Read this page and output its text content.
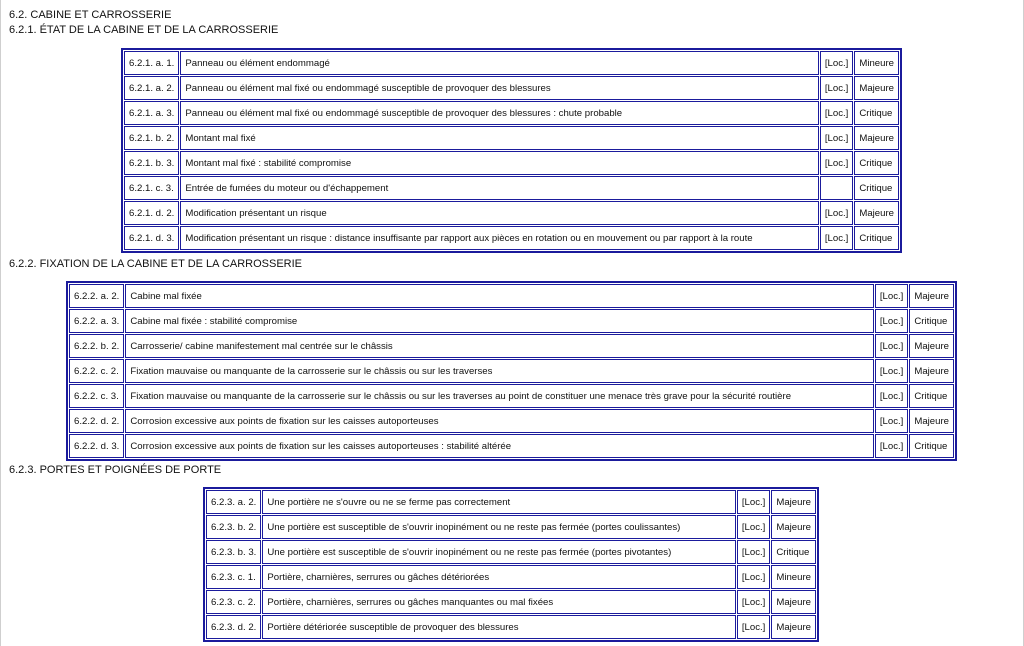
6.2. CABINE ET CARROSSERIE
6.2.1. ÉTAT DE LA CABINE ET DE LA CARROSSERIE
6.2.1. a. 1.	Panneau ou élément endommagé	[Loc.]	Mineure
6.2.1. a. 2.	Panneau ou élément mal fixé ou endommagé susceptible de provoquer des blessures	[Loc.]	Majeure
6.2.1. a. 3.	Panneau ou élément mal fixé ou endommagé susceptible de provoquer des blessures : chute probable	[Loc.]	Critique
6.2.1. b. 2.	Montant mal fixé	[Loc.]	Majeure
6.2.1. b. 3.	Montant mal fixé : stabilité compromise	[Loc.]	Critique
6.2.1. c. 3.	Entrée de fumées du moteur ou d'échappement		Critique
6.2.1. d. 2.	Modification présentant un risque	[Loc.]	Majeure
6.2.1. d. 3.	Modification présentant un risque : distance insuffisante par rapport aux pièces en rotation ou en mouvement ou par rapport à la route	[Loc.]	Critique
6.2.2. FIXATION DE LA CABINE ET DE LA CARROSSERIE
6.2.2. a. 2.	Cabine mal fixée	[Loc.]	Majeure
6.2.2. a. 3.	Cabine mal fixée : stabilité compromise	[Loc.]	Critique
6.2.2. b. 2.	Carrosserie/ cabine manifestement mal centrée sur le châssis	[Loc.]	Majeure
6.2.2. c. 2.	Fixation mauvaise ou manquante de la carrosserie sur le châssis ou sur les traverses	[Loc.]	Majeure
6.2.2. c. 3.	Fixation mauvaise ou manquante de la carrosserie sur le châssis ou sur les traverses au point de constituer une menace très grave pour la sécurité routière	[Loc.]	Critique
6.2.2. d. 2.	Corrosion excessive aux points de fixation sur les caisses autoporteuses	[Loc.]	Majeure
6.2.2. d. 3.	Corrosion excessive aux points de fixation sur les caisses autoporteuses : stabilité altérée	[Loc.]	Critique
6.2.3. PORTES ET POIGNÉES DE PORTE
6.2.3. a. 2.	Une portière ne s'ouvre ou ne se ferme pas correctement	[Loc.]	Majeure
6.2.3. b. 2.	Une portière est susceptible de s'ouvrir inopinément ou ne reste pas fermée (portes coulissantes)	[Loc.]	Majeure
6.2.3. b. 3.	Une portière est susceptible de s'ouvrir inopinément ou ne reste pas fermée (portes pivotantes)	[Loc.]	Critique
6.2.3. c. 1.	Portière, charnières, serrures ou gâches détériorées	[Loc.]	Mineure
6.2.3. c. 2.	Portière, charnières, serrures ou gâches manquantes ou mal fixées	[Loc.]	Majeure
6.2.3. d. 2.	Portière détériorée susceptible de provoquer des blessures	[Loc.]	Majeure
